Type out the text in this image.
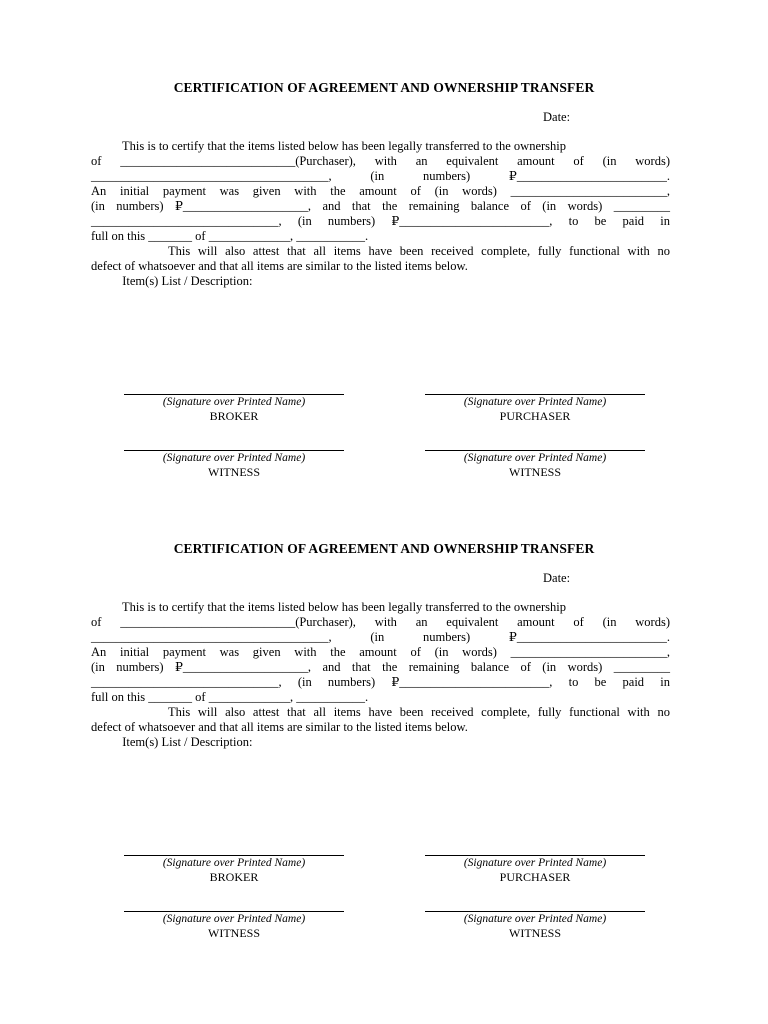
CERTIFICATION OF AGREEMENT AND OWNERSHIP TRANSFER
Date:
This is to certify that the items listed below has been legally transferred to the ownership
of ____________________________(Purchaser), with an equivalent amount of (in words)
______________________________________, (in numbers) ₽________________________.
An initial payment was given with the amount of (in words) _________________________,
(in numbers) ₽____________________, and that the remaining balance of (in words) _________
______________________________, (in numbers) ₽________________________, to be paid in
full on this _______ of _____________, ___________.
This will also attest that all items have been received complete, fully functional with no
defect of whatsoever and that all items are similar to the listed items below.
Item(s) List / Description:
(Signature over Printed Name)
BROKER
(Signature over Printed Name)
PURCHASER
(Signature over Printed Name)
WITNESS
(Signature over Printed Name)
WITNESS
CERTIFICATION OF AGREEMENT AND OWNERSHIP TRANSFER
Date:
This is to certify that the items listed below has been legally transferred to the ownership
of ____________________________(Purchaser), with an equivalent amount of (in words)
______________________________________, (in numbers) ₽________________________.
An initial payment was given with the amount of (in words) _________________________,
(in numbers) ₽____________________, and that the remaining balance of (in words) _________
______________________________, (in numbers) ₽________________________, to be paid in
full on this _______ of _____________, ___________.
This will also attest that all items have been received complete, fully functional with no
defect of whatsoever and that all items are similar to the listed items below.
Item(s) List / Description:
(Signature over Printed Name)
BROKER
(Signature over Printed Name)
PURCHASER
(Signature over Printed Name)
WITNESS
(Signature over Printed Name)
WITNESS
